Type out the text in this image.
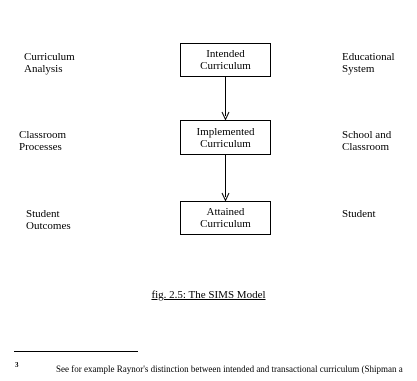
Curriculum
Analysis
Classroom
Processes
Student
Outcomes
Intended
Curriculum
Implemented
Curriculum
Attained
Curriculum
Educational
System
School and
Classroom
Student
fig. 2.5: The SIMS Model
3	See for example Raynor's distinction between intended and transactional curriculum (Shipman a
